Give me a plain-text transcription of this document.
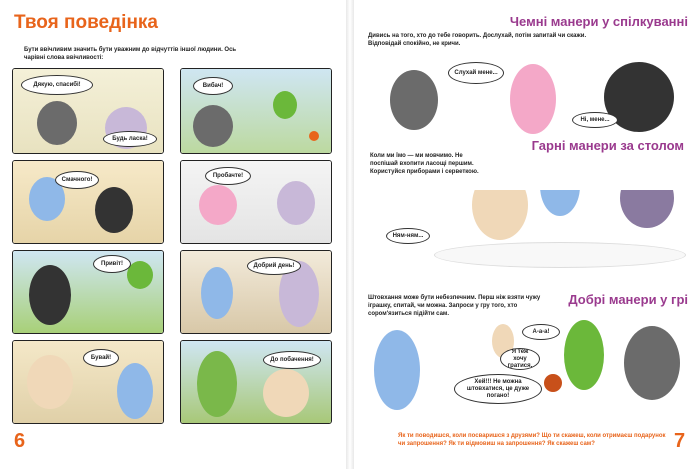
Твоя поведінка
Бути ввічливим значить бути уважним до відчуттів іншої людини. Ось чарівні слова ввічливості:
Дякую, спасибі!
Будь ласка!
Вибач!
Смачного!
Пробачте!
Привіт!	Добрий день!
Бувай!	До побачення!
6
Чемні манери у спілкуванні
Дивись на того, хто до тебе говорить. Дослухай, потім запитай чи скажи. Відповідай спокійно, не кричи.
Слухай мене...
Ні, мене...
Гарні манери за столом
Коли ми їмо — ми мовчимо. Не поспішай вхопити ласощі першим. Користуйся приборами і серветкою.
Ням-ням...
Добрі манери у грі
Штовхання може бути небезпечним. Перш ніж взяти чужу іграшку, спитай, чи можна. Запроси у гру того, хто сором'язиться підійти сам.
А-а-а!
Я теж хочу гратися.
Хей!!! Не можна штовхатися, це дуже погано!
Як ти поводишся, коли посваришся з друзями? Що ти скажеш, коли отримаєш подарунок чи запрошення? Як ти відмовиш на запрошення? Як скажеш сам?	7
